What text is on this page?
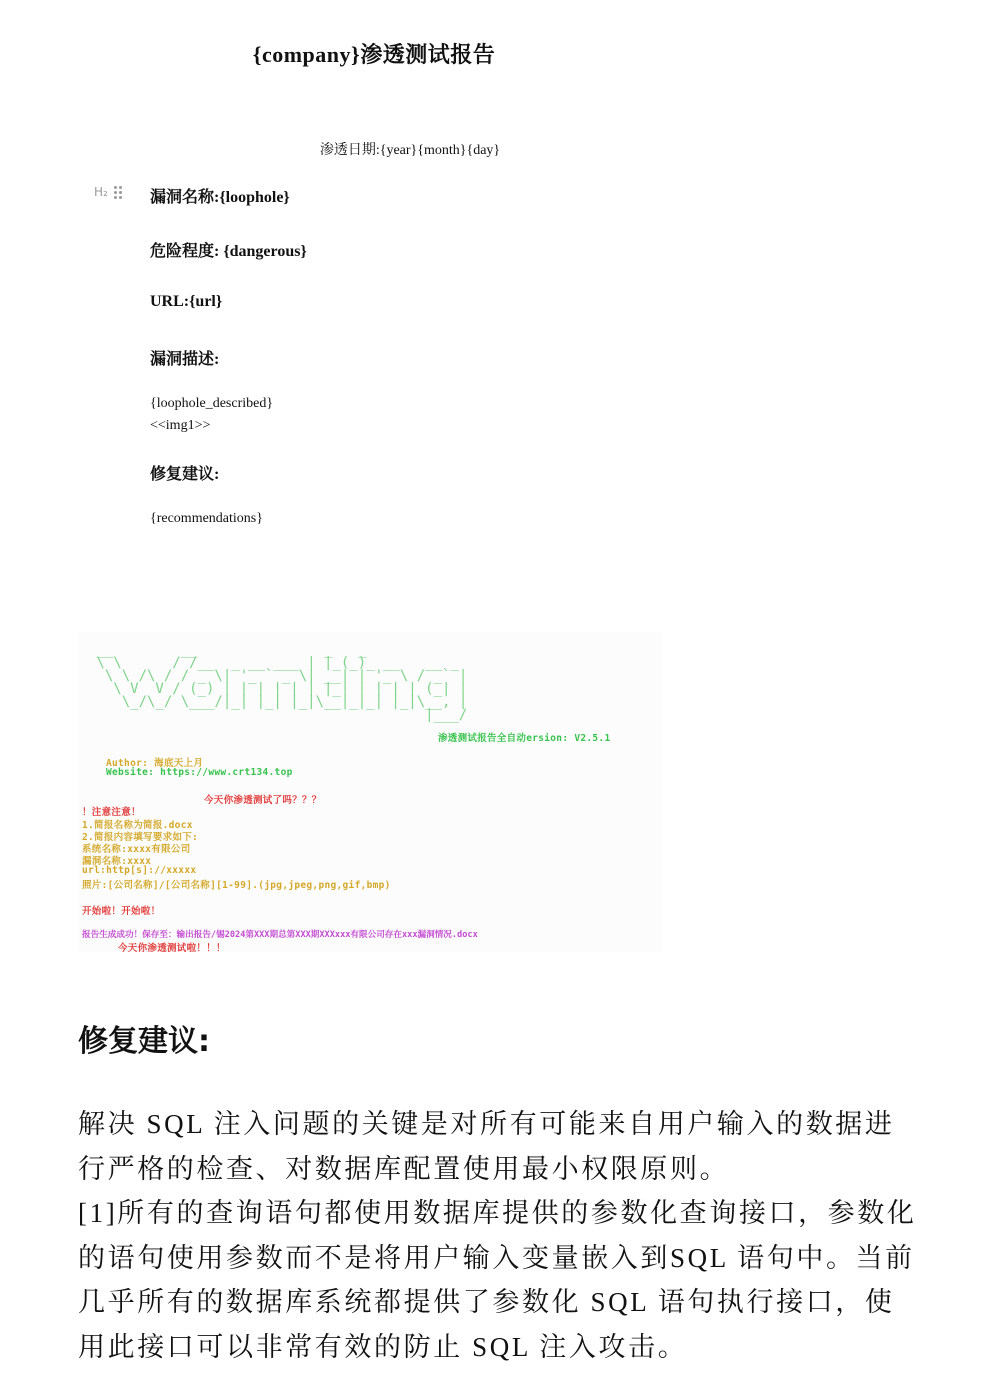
{company}渗透测试报告
渗透日期:{year}{month}{day}
H₂	漏洞名称:{loophole}
危险程度: {dangerous}
URL:{url}
漏洞描述:
{loophole_described}
<<img1>>
修复建议:
{recommendations}
__        __               _   _
\ \      / /__  _ __ ___ | |_(_)_ __   __ _
\ \ /\ / / _ \| '_ ` _ \| __| | '_ \ / _` |
\ V  V / (_) | | | | | | |_| | | | | (_| |
\_/\_/ \___/|_| |_| |_|\__|_|_| |_|\__, |
|___/
渗透测试报告全自动ersion: V2.5.1
Author: 海底天上月
Website: https://www.crt134.top
今天你渗透测试了吗？？？
！注意注意！
1.简报名称为简报.docx
2.简报内容填写要求如下:
系统名称:xxxx有限公司
漏洞名称:xxxx
url:http[s]://xxxxx
照片:[公司名称]/[公司名称][1-99].(jpg,jpeg,png,gif,bmp)
开始啦！开始啦！
报告生成成功！保存至：输出报告/锡2024第XXX期总第XXX期XXXxxx有限公司存在xxx漏洞情况.docx
今天你渗透测试啦！！！
修复建议:

解决 SQL 注入问题的关键是对所有可能来自用户输入的数据进行严格的检查、对数据库配置使用最小权限原则。

[1]所有的查询语句都使用数据库提供的参数化查询接口，参数化的语句使用参数而不是将用户输入变量嵌入到SQL 语句中。当前几乎所有的数据库系统都提供了参数化 SQL 语句执行接口，使用此接口可以非常有效的防止 SQL 注入攻击。
